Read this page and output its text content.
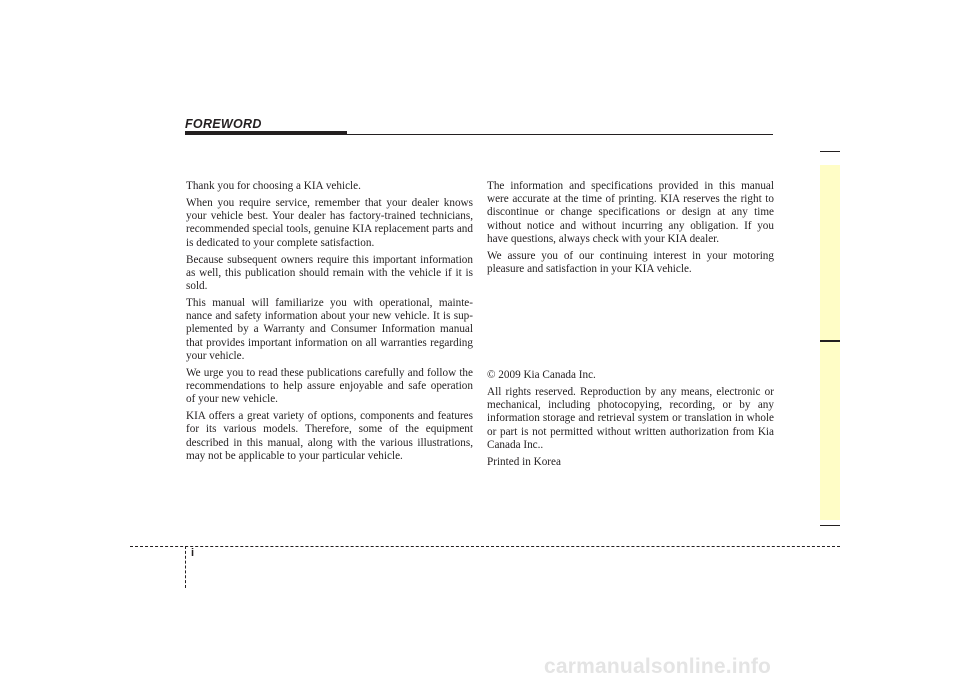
FOREWORD

Thank you for choosing a KIA vehicle.

When you require service, remember that your dealer knows your vehicle best. Your dealer has factory-trained technicians, recommended special tools, genuine KIA replacement parts and is dedicated to your complete satisfaction.

Because subsequent owners require this important information as well, this publication should remain with the vehicle if it is sold.

This manual will familiarize you with operational, mainte-nance and safety information about your new vehicle. It is sup-plemented by a Warranty and Consumer Information manual that provides important information on all warranties regarding your vehicle.

We urge you to read these publications carefully and follow the recommendations to help assure enjoyable and safe operation of your new vehicle.

KIA offers a great variety of options, components and features for its various models. Therefore, some of the equipment described in this manual, along with the various illustrations, may not be applicable to your particular vehicle.

The information and specifications provided in this manual were accurate at the time of printing. KIA reserves the right to discontinue or change specifications or design at any time without notice and without incurring any obligation. If you have questions, always check with your KIA dealer.

We assure you of our continuing interest in your motoring pleasure and satisfaction in your KIA vehicle.

© 2009 Kia Canada Inc.

All rights reserved. Reproduction by any means, electronic or mechanical, including photocopying, recording, or by any information storage and retrieval system or translation in whole or part is not permitted without written authorization from Kia Canada Inc..

Printed in Korea

i
carmanualsonline.info
